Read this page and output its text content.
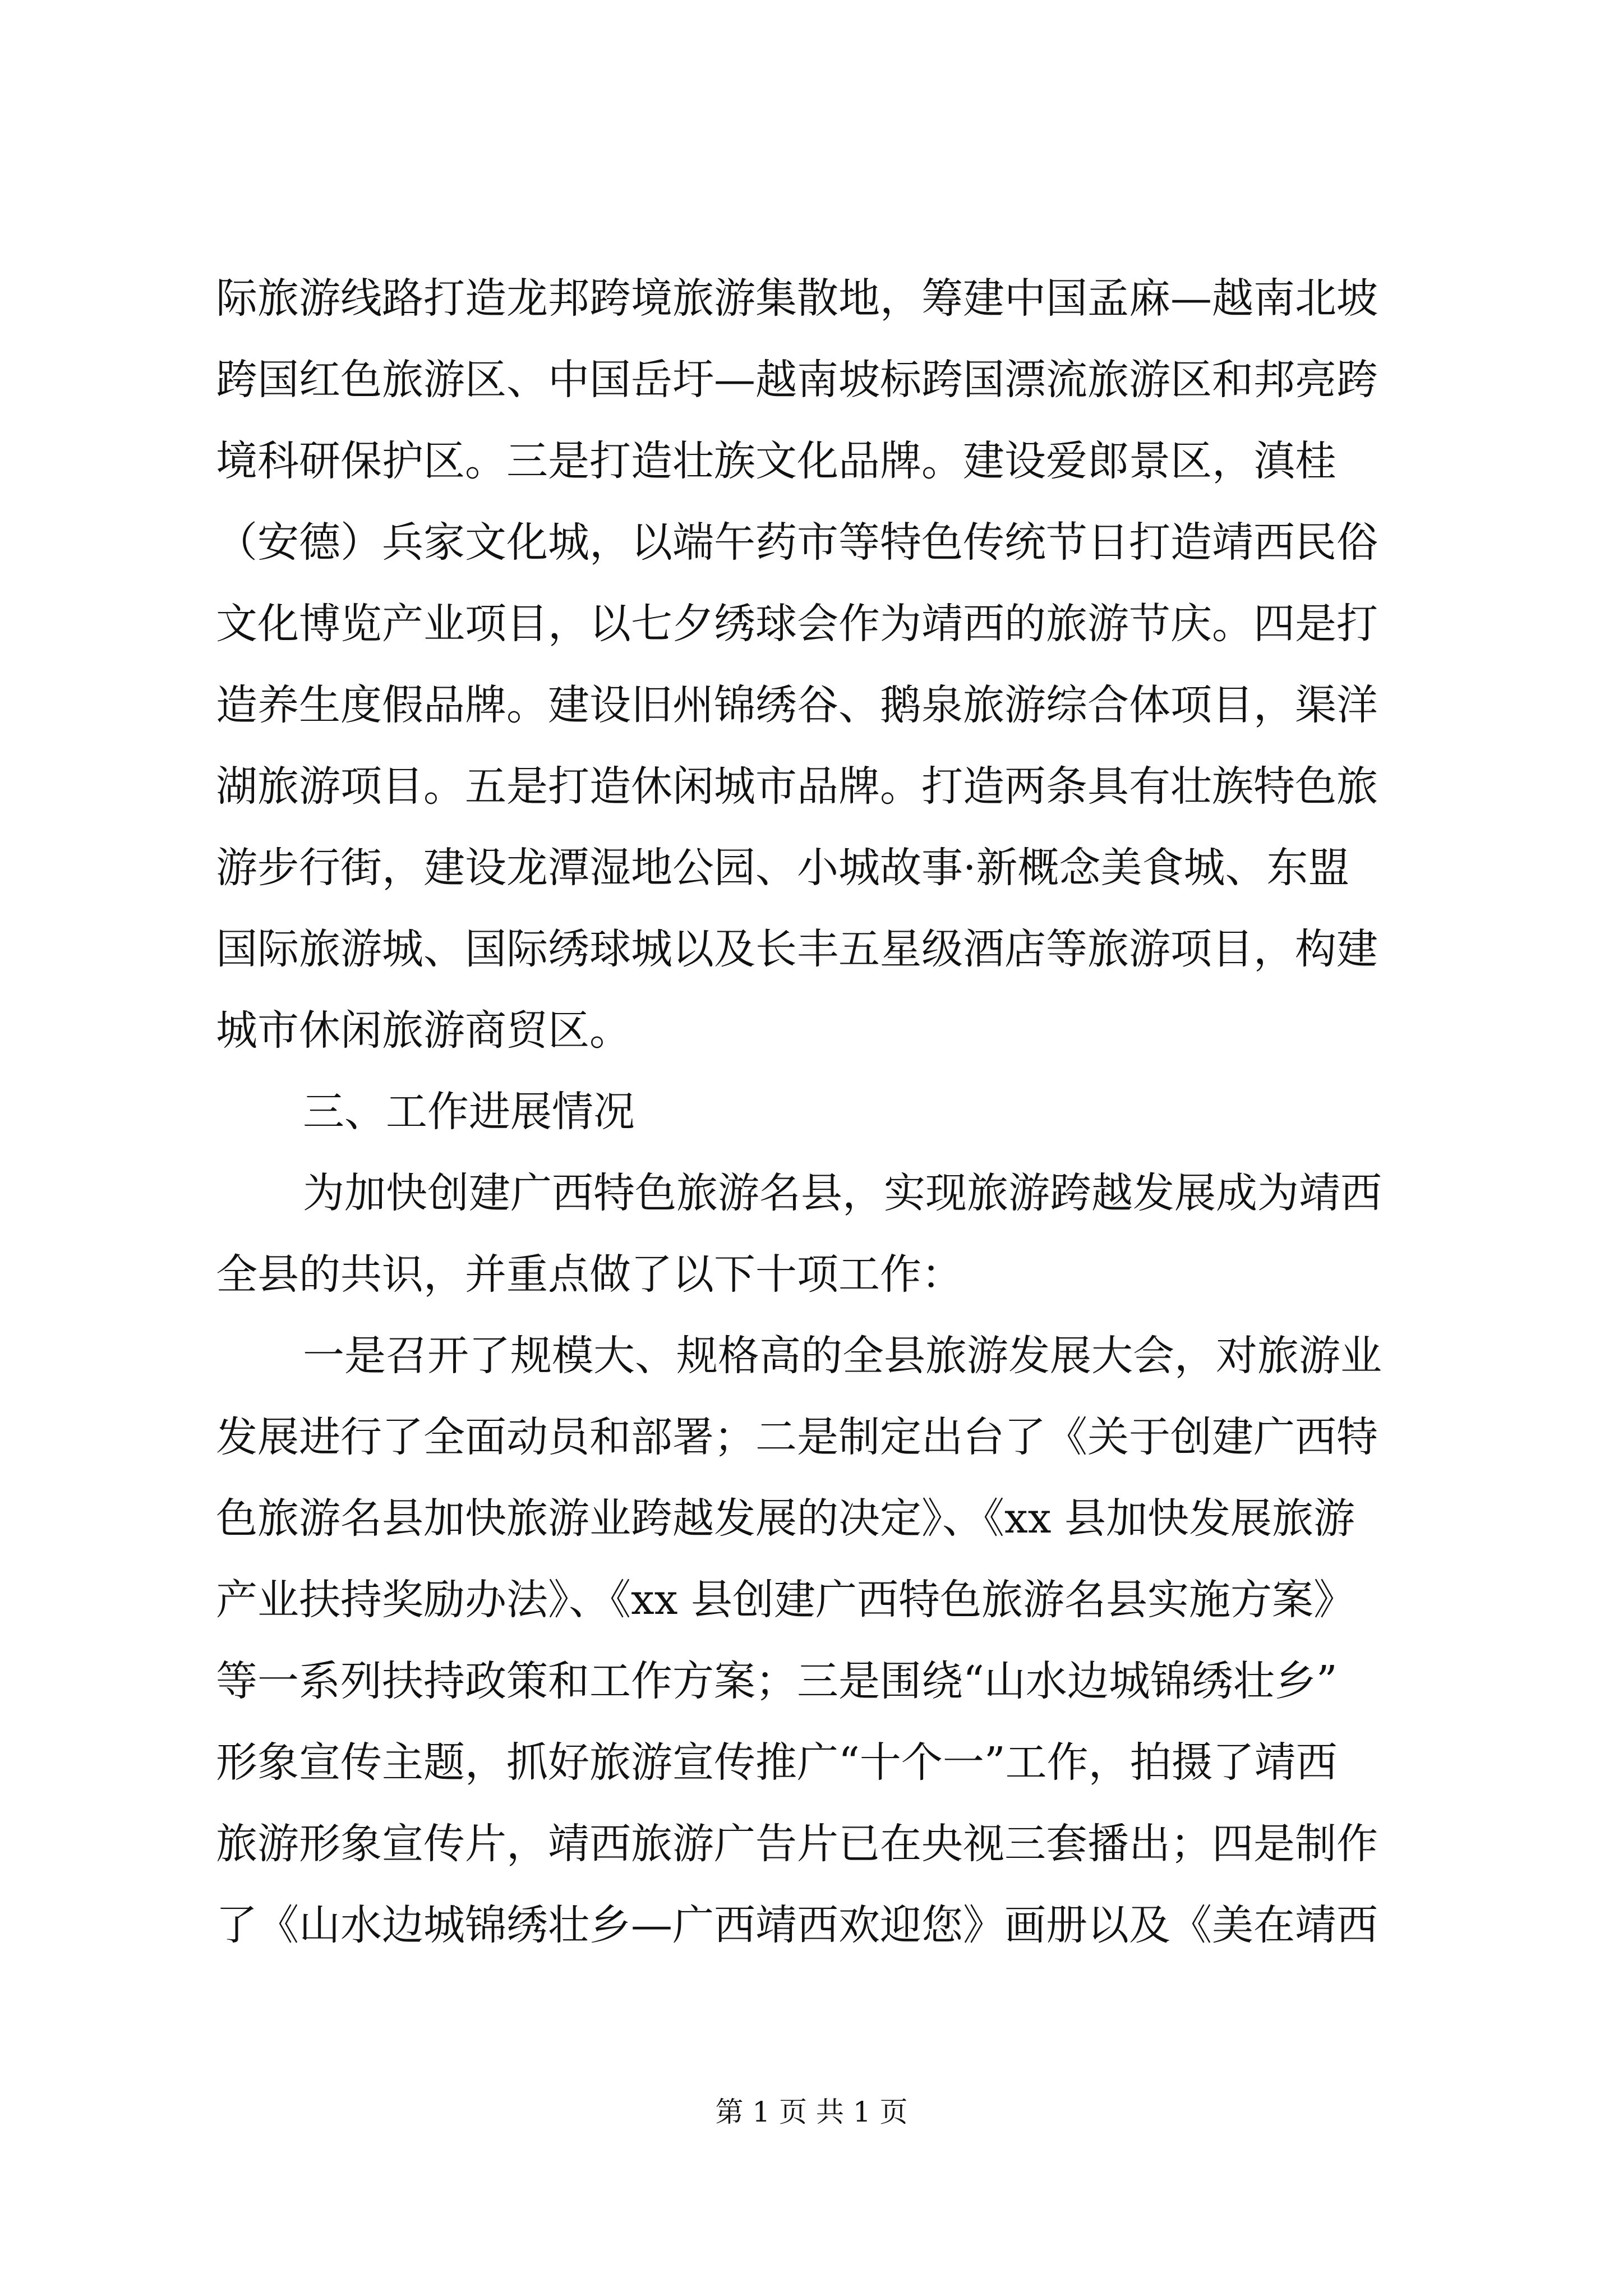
际旅游线路打造龙邦跨境旅游集散地，筹建中国孟麻—越南北坡
跨国红色旅游区、中国岳圩—越南坡标跨国漂流旅游区和邦亮跨
境科研保护区。三是打造壮族文化品牌。建设爱郎景区，滇桂
（安德）兵家文化城，以端午药市等特色传统节日打造靖西民俗
文化博览产业项目，以七夕绣球会作为靖西的旅游节庆。四是打
造养生度假品牌。建设旧州锦绣谷、鹅泉旅游综合体项目，渠洋
湖旅游项目。五是打造休闲城市品牌。打造两条具有壮族特色旅
游步行街，建设龙潭湿地公园、小城故事·新概念美食城、东盟
国际旅游城、国际绣球城以及长丰五星级酒店等旅游项目，构建
城市休闲旅游商贸区。
三、工作进展情况
为加快创建广西特色旅游名县，实现旅游跨越发展成为靖西
全县的共识，并重点做了以下十项工作：
一是召开了规模大、规格高的全县旅游发展大会，对旅游业
发展进行了全面动员和部署；二是制定出台了《关于创建广西特
色旅游名县加快旅游业跨越发展的决定》、《xx 县加快发展旅游
产业扶持奖励办法》、《xx 县创建广西特色旅游名县实施方案》
等一系列扶持政策和工作方案；三是围绕“山水边城锦绣壮乡”
形象宣传主题，抓好旅游宣传推广“十个一”工作，拍摄了靖西
旅游形象宣传片，靖西旅游广告片已在央视三套播出；四是制作
了《山水边城锦绣壮乡—广西靖西欢迎您》画册以及《美在靖西
第 1 页 共 1 页
